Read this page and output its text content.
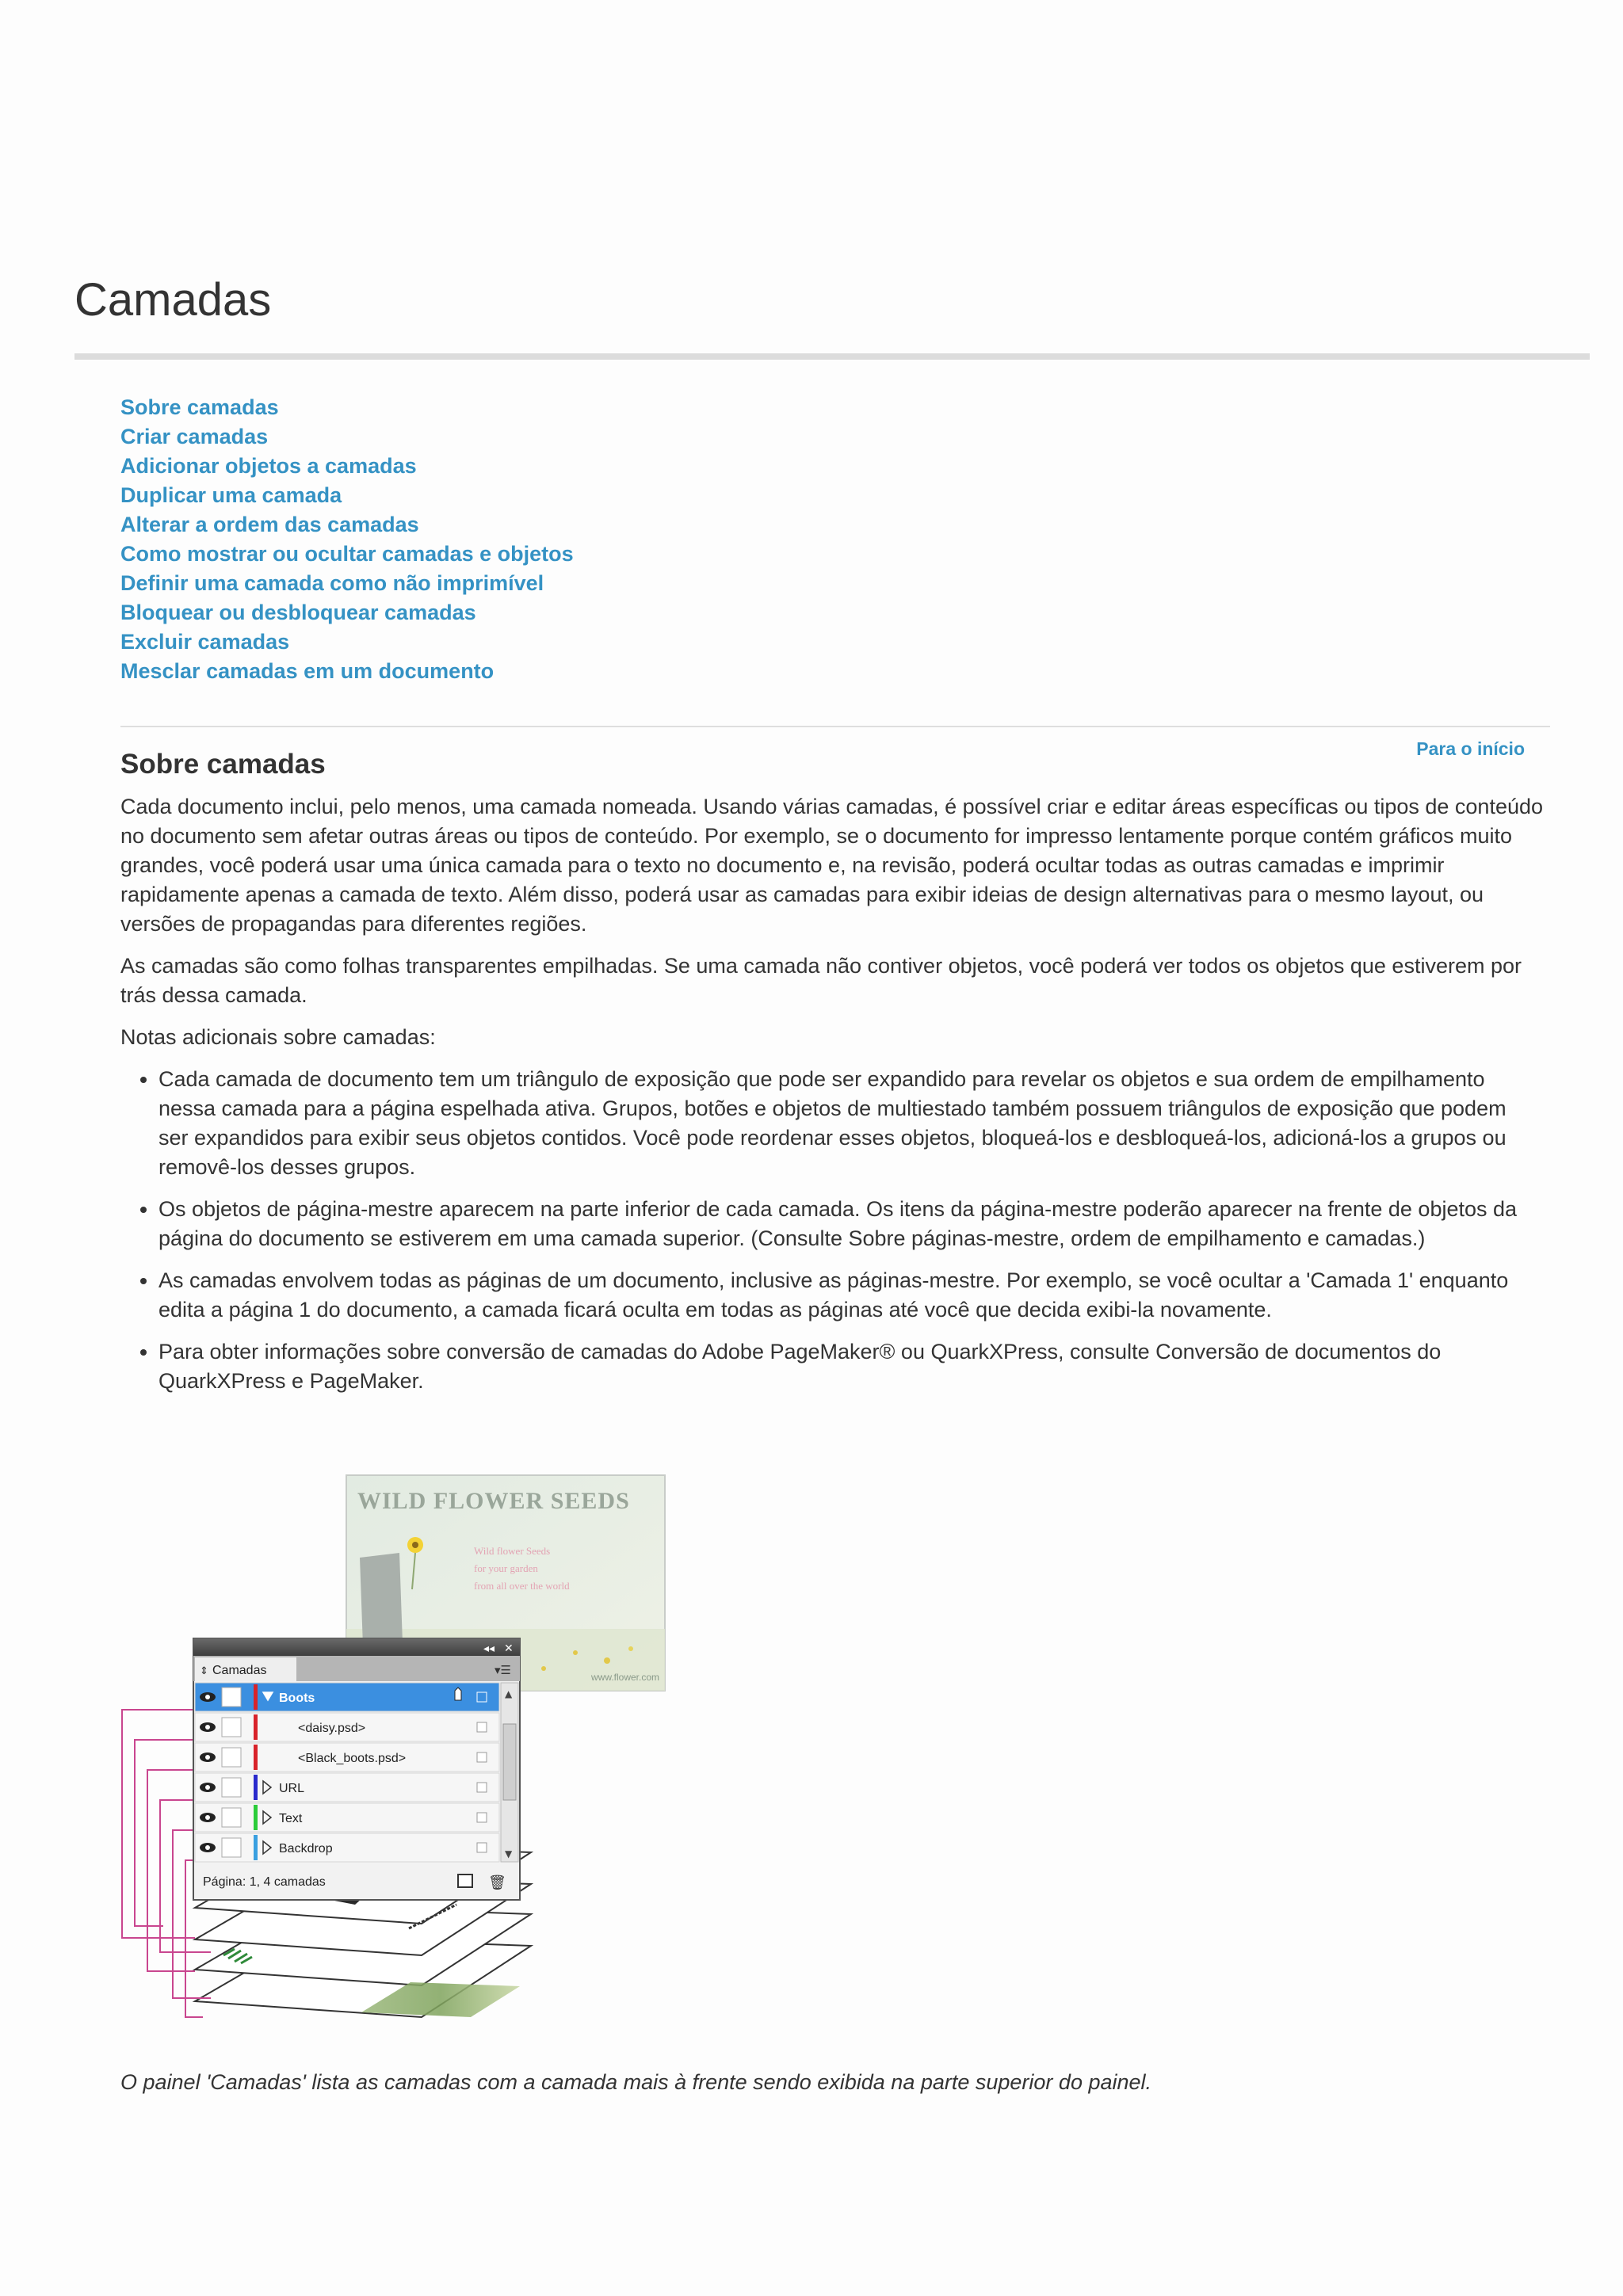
Camadas
Sobre camadas
Criar camadas
Adicionar objetos a camadas
Duplicar uma camada
Alterar a ordem das camadas
Como mostrar ou ocultar camadas e objetos
Definir uma camada como não imprimível
Bloquear ou desbloquear camadas
Excluir camadas
Mesclar camadas em um documento
Para o início
Sobre camadas

Cada documento inclui, pelo menos, uma camada nomeada. Usando várias camadas, é possível criar e editar áreas específicas ou tipos de conteúdo no documento sem afetar outras áreas ou tipos de conteúdo. Por exemplo, se o documento for impresso lentamente porque contém gráficos muito grandes, você poderá usar uma única camada para o texto no documento e, na revisão, poderá ocultar todas as outras camadas e imprimir rapidamente apenas a camada de texto. Além disso, poderá usar as camadas para exibir ideias de design alternativas para o mesmo layout, ou versões de propagandas para diferentes regiões.

As camadas são como folhas transparentes empilhadas. Se uma camada não contiver objetos, você poderá ver todos os objetos que estiverem por trás dessa camada.

Notas adicionais sobre camadas:

• Cada camada de documento tem um triângulo de exposição que pode ser expandido para revelar os objetos e sua ordem de empilhamento nessa camada para a página espelhada ativa. Grupos, botões e objetos de multiestado também possuem triângulos de exposição que podem ser expandidos para exibir seus objetos contidos. Você pode reordenar esses objetos, bloqueá-los e desbloqueá-los, adicioná-los a grupos ou removê-los desses grupos.
• Os objetos de página-mestre aparecem na parte inferior de cada camada. Os itens da página-mestre poderão aparecer na frente de objetos da página do documento se estiverem em uma camada superior. (Consulte Sobre páginas-mestre, ordem de empilhamento e camadas.)
• As camadas envolvem todas as páginas de um documento, inclusive as páginas-mestre. Por exemplo, se você ocultar a 'Camada 1' enquanto edita a página 1 do documento, a camada ficará oculta em todas as páginas até você que decida exibi-la novamente.
• Para obter informações sobre conversão de camadas do Adobe PageMaker® ou QuarkXPress, consulte Conversão de documentos do QuarkXPress e PageMaker.
WILD FLOWER SEEDS
Wild flower Seeds
for your garden
from all over the world
www.flower.com
◂◂ ✕
⇕ Camadas	▾☰
Boots
<daisy.psd>
<Black_boots.psd>
URL
Text
Backdrop
▲
▼
Página: 1, 4 camadas	🗑

O painel 'Camadas' lista as camadas com a camada mais à frente sendo exibida na parte superior do painel.
